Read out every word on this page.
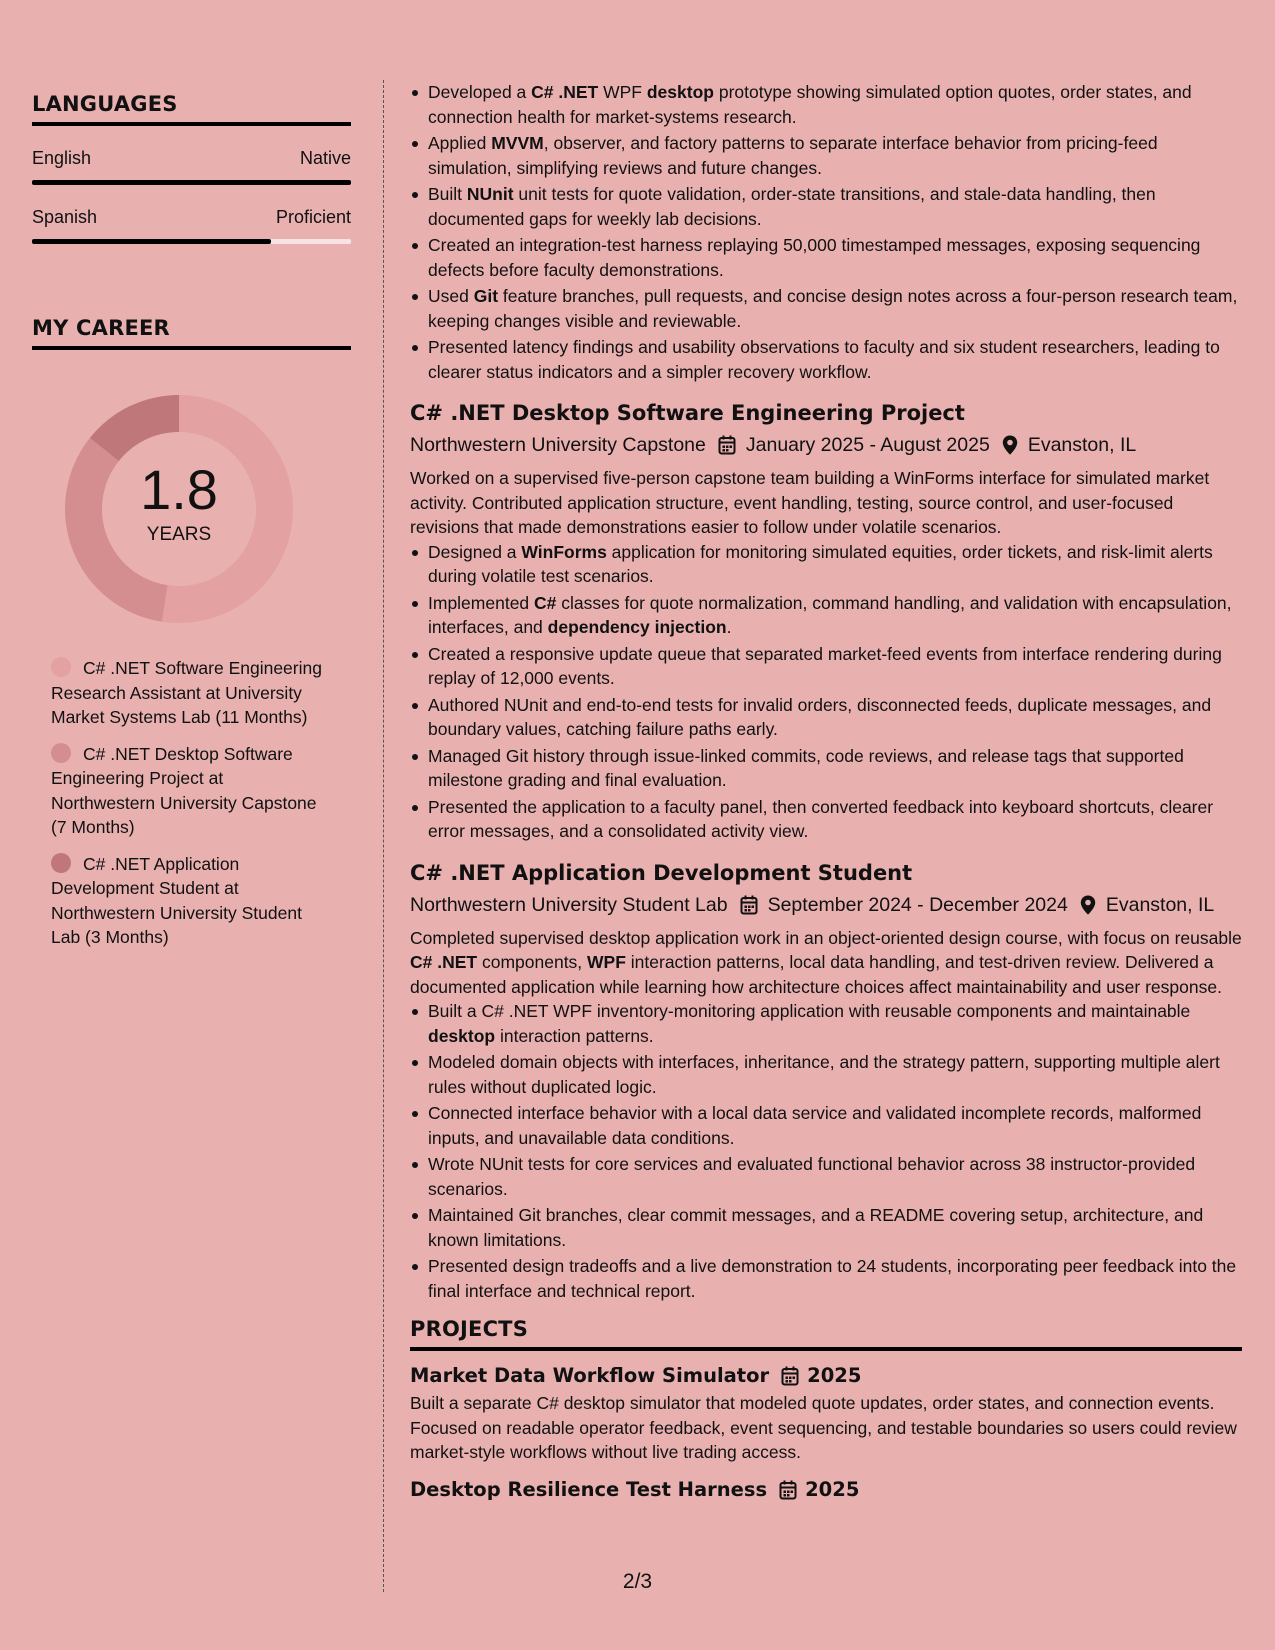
LANGUAGES
English	Native
Spanish	Proficient
MY CAREER
1.8
YEARS
C# .NET Software Engineering Research Assistant at University Market Systems Lab (11 Months)
C# .NET Desktop Software Engineering Project at Northwestern University Capstone (7 Months)
C# .NET Application Development Student at Northwestern University Student Lab (3 Months)
Developed a C# .NET WPF desktop prototype showing simulated option quotes, order states, and connection health for market-systems research.
Applied MVVM, observer, and factory patterns to separate interface behavior from pricing-feed simulation, simplifying reviews and future changes.
Built NUnit unit tests for quote validation, order-state transitions, and stale-data handling, then documented gaps for weekly lab decisions.
Created an integration-test harness replaying 50,000 timestamped messages, exposing sequencing defects before faculty demonstrations.
Used Git feature branches, pull requests, and concise design notes across a four-person research team, keeping changes visible and reviewable.
Presented latency findings and usability observations to faculty and six student researchers, leading to clearer status indicators and a simpler recovery workflow.
C# .NET Desktop Software Engineering Project
Northwestern University Capstone January 2025 - August 2025 Evanston, IL
Worked on a supervised five-person capstone team building a WinForms interface for simulated market activity. Contributed application structure, event handling, testing, source control, and user-focused revisions that made demonstrations easier to follow under volatile scenarios.
Designed a WinForms application for monitoring simulated equities, order tickets, and risk-limit alerts during volatile test scenarios.
Implemented C# classes for quote normalization, command handling, and validation with encapsulation, interfaces, and dependency injection.
Created a responsive update queue that separated market-feed events from interface rendering during replay of 12,000 events.
Authored NUnit and end-to-end tests for invalid orders, disconnected feeds, duplicate messages, and boundary values, catching failure paths early.
Managed Git history through issue-linked commits, code reviews, and release tags that supported milestone grading and final evaluation.
Presented the application to a faculty panel, then converted feedback into keyboard shortcuts, clearer error messages, and a consolidated activity view.
C# .NET Application Development Student
Northwestern University Student Lab September 2024 - December 2024 Evanston, IL
Completed supervised desktop application work in an object-oriented design course, with focus on reusable C# .NET components, WPF interaction patterns, local data handling, and test-driven review. Delivered a documented application while learning how architecture choices affect maintainability and user response.
Built a C# .NET WPF inventory-monitoring application with reusable components and maintainable desktop interaction patterns.
Modeled domain objects with interfaces, inheritance, and the strategy pattern, supporting multiple alert rules without duplicated logic.
Connected interface behavior with a local data service and validated incomplete records, malformed inputs, and unavailable data conditions.
Wrote NUnit tests for core services and evaluated functional behavior across 38 instructor-provided scenarios.
Maintained Git branches, clear commit messages, and a README covering setup, architecture, and known limitations.
Presented design tradeoffs and a live demonstration to 24 students, incorporating peer feedback into the final interface and technical report.
PROJECTS
Market Data Workflow Simulator 2025
Built a separate C# desktop simulator that modeled quote updates, order states, and connection events. Focused on readable operator feedback, event sequencing, and testable boundaries so users could review market-style workflows without live trading access.
Desktop Resilience Test Harness 2025
2/3
